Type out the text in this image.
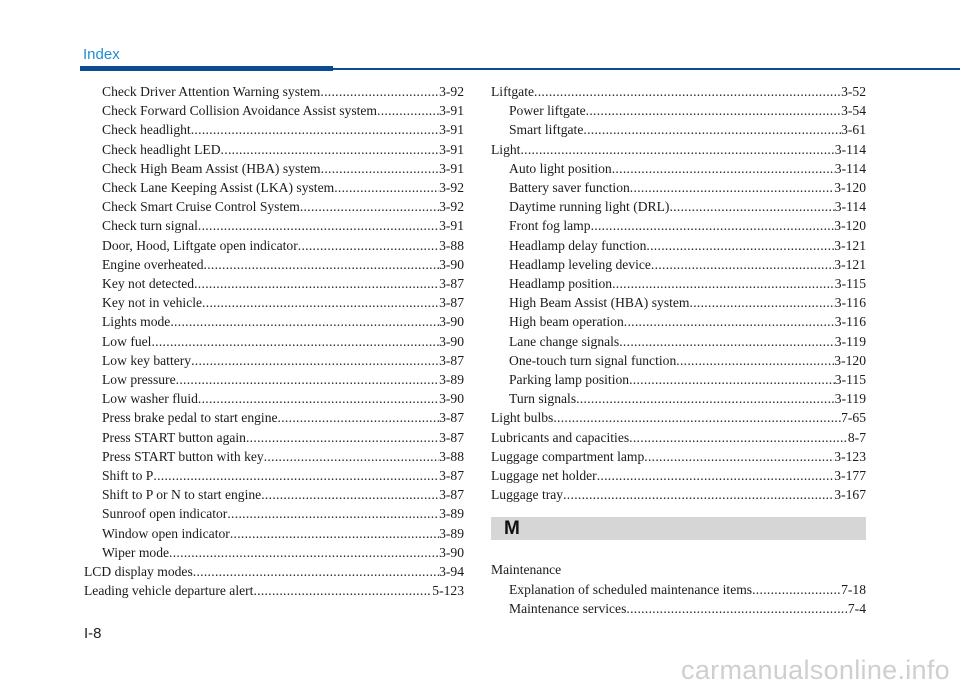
Index
Check Driver Attention Warning system .....	3-92
Check Forward Collision Avoidance Assist system .....	3-91
Check headlight .....	3-91
Check headlight LED .....	3-91
Check High Beam Assist (HBA) system .....	3-91
Check Lane Keeping Assist (LKA) system .....	3-92
Check Smart Cruise Control System .....	3-92
Check turn signal .....	3-91
Door, Hood, Liftgate open indicator .....	3-88
Engine overheated .....	3-90
Key not detected .....	3-87
Key not in vehicle .....	3-87
Lights mode .....	3-90
Low fuel .....	3-90
Low key battery .....	3-87
Low pressure .....	3-89
Low washer fluid .....	3-90
Press brake pedal to start engine .....	3-87
Press START button again .....	3-87
Press START button with key .....	3-88
Shift to P .....	3-87
Shift to P or N to start engine .....	3-87
Sunroof open indicator .....	3-89
Window open indicator .....	3-89
Wiper mode .....	3-90
LCD display modes .....	3-94
Leading vehicle departure alert .....	5-123
Liftgate .....	3-52
Power liftgate .....	3-54
Smart liftgate .....	3-61
Light .....	3-114
Auto light position .....	3-114
Battery saver function .....	3-120
Daytime running light (DRL) .....	3-114
Front fog lamp .....	3-120
Headlamp delay function .....	3-121
Headlamp leveling device .....	3-121
Headlamp position .....	3-115
High Beam Assist (HBA) system .....	3-116
High beam operation .....	3-116
Lane change signals .....	3-119
One-touch turn signal function .....	3-120
Parking lamp position .....	3-115
Turn signals .....	3-119
Light bulbs .....	7-65
Lubricants and capacities .....	8-7
Luggage compartment lamp .....	3-123
Luggage net holder .....	3-177
Luggage tray .....	3-167
M
Maintenance
Explanation of scheduled maintenance items .....	7-18
Maintenance services .....	7-4
I-8
carmanualsonline.info
